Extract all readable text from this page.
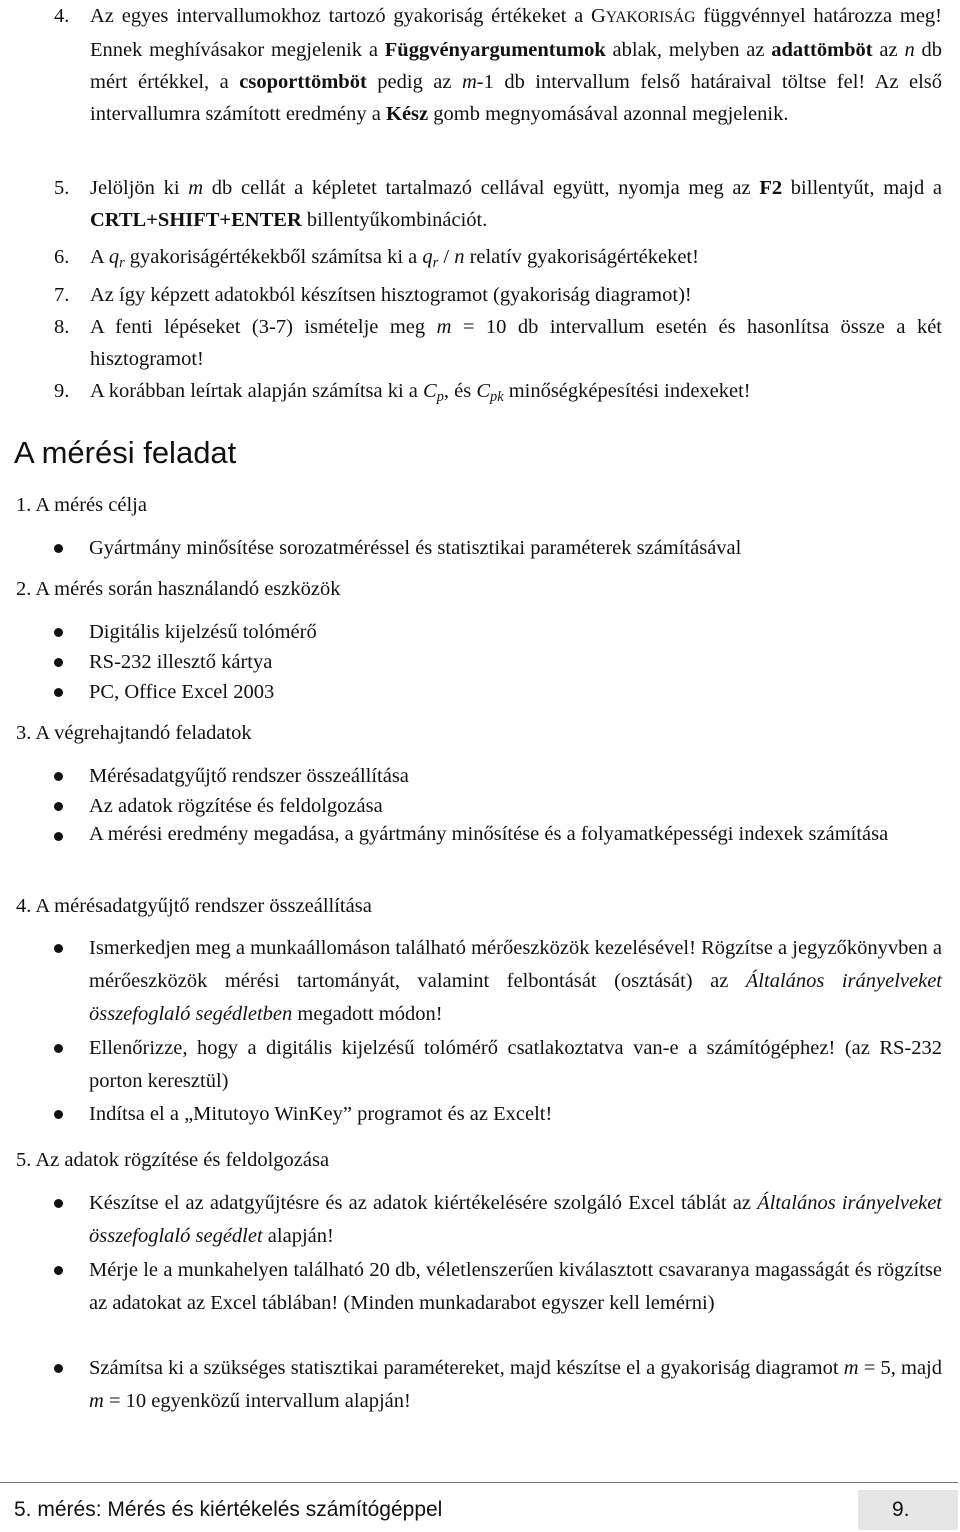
4.	Az egyes intervallumokhoz tartozó gyakoriság értékeket a GYAKORISÁG függvénnyel határozza meg! Ennek meghívásakor megjelenik a Függvényargumentumok ablak, melyben az adattömböt az n db mért értékkel, a csoporttömböt pedig az m-1 db intervallum felső határaival töltse fel! Az első intervallumra számított eredmény a Kész gomb megnyomásával azonnal megjelenik.
5.	Jelöljön ki m db cellát a képletet tartalmazó cellával együtt, nyomja meg az F2 billentyűt, majd a CRTL+SHIFT+ENTER billentyűkombinációt.
6.	A $q_r$ gyakoriságértékekből számítsa ki a $q_r$ / n relatív gyakoriságértékeket!
7.	Az így képzett adatokból készítsen hisztogramot (gyakoriság diagramot)!
8.	A fenti lépéseket (3-7) ismételje meg m = 10 db intervallum esetén és hasonlítsa össze a két hisztogramot!
9.	A korábban leírtak alapján számítsa ki a $C_p$, és $C_{pk}$ minőségképesítési indexeket!
A mérési feladat
1. A mérés célja
Gyártmány minősítése sorozatméréssel és statisztikai paraméterek számításával
2. A mérés során használandó eszközök
Digitális kijelzésű tolómérő
RS-232 illesztő kártya
PC, Office Excel 2003
3. A végrehajtandó feladatok
Mérésadatgyűjtő rendszer összeállítása
Az adatok rögzítése és feldolgozása
A mérési eredmény megadása, a gyártmány minősítése és a folyamatképességi indexek számítása
4. A mérésadatgyűjtő rendszer összeállítása
Ismerkedjen meg a munkaállomáson található mérőeszközök kezelésével! Rögzítse a jegyzőkönyvben a mérőeszközök mérési tartományát, valamint felbontását (osztását) az Általános irányelveket összefoglaló segédletben megadott módon!
Ellenőrizze, hogy a digitális kijelzésű tolómérő csatlakoztatva van-e a számítógéphez! (az RS-232 porton keresztül)
Indítsa el a „Mitutoyo WinKey” programot és az Excelt!
5. Az adatok rögzítése és feldolgozása
Készítse el az adatgyűjtésre és az adatok kiértékelésére szolgáló Excel táblát az Általános irányelveket összefoglaló segédlet alapján!
Mérje le a munkahelyen található 20 db, véletlenszerűen kiválasztott csavaranya magasságát és rögzítse az adatokat az Excel táblában! (Minden munkadarabot egyszer kell lemérni)
Számítsa ki a szükséges statisztikai paramétereket, majd készítse el a gyakoriság diagramot m = 5, majd m = 10 egyenközű intervallum alapján!
5. mérés: Mérés és kiértékelés számítógéppel	9.
